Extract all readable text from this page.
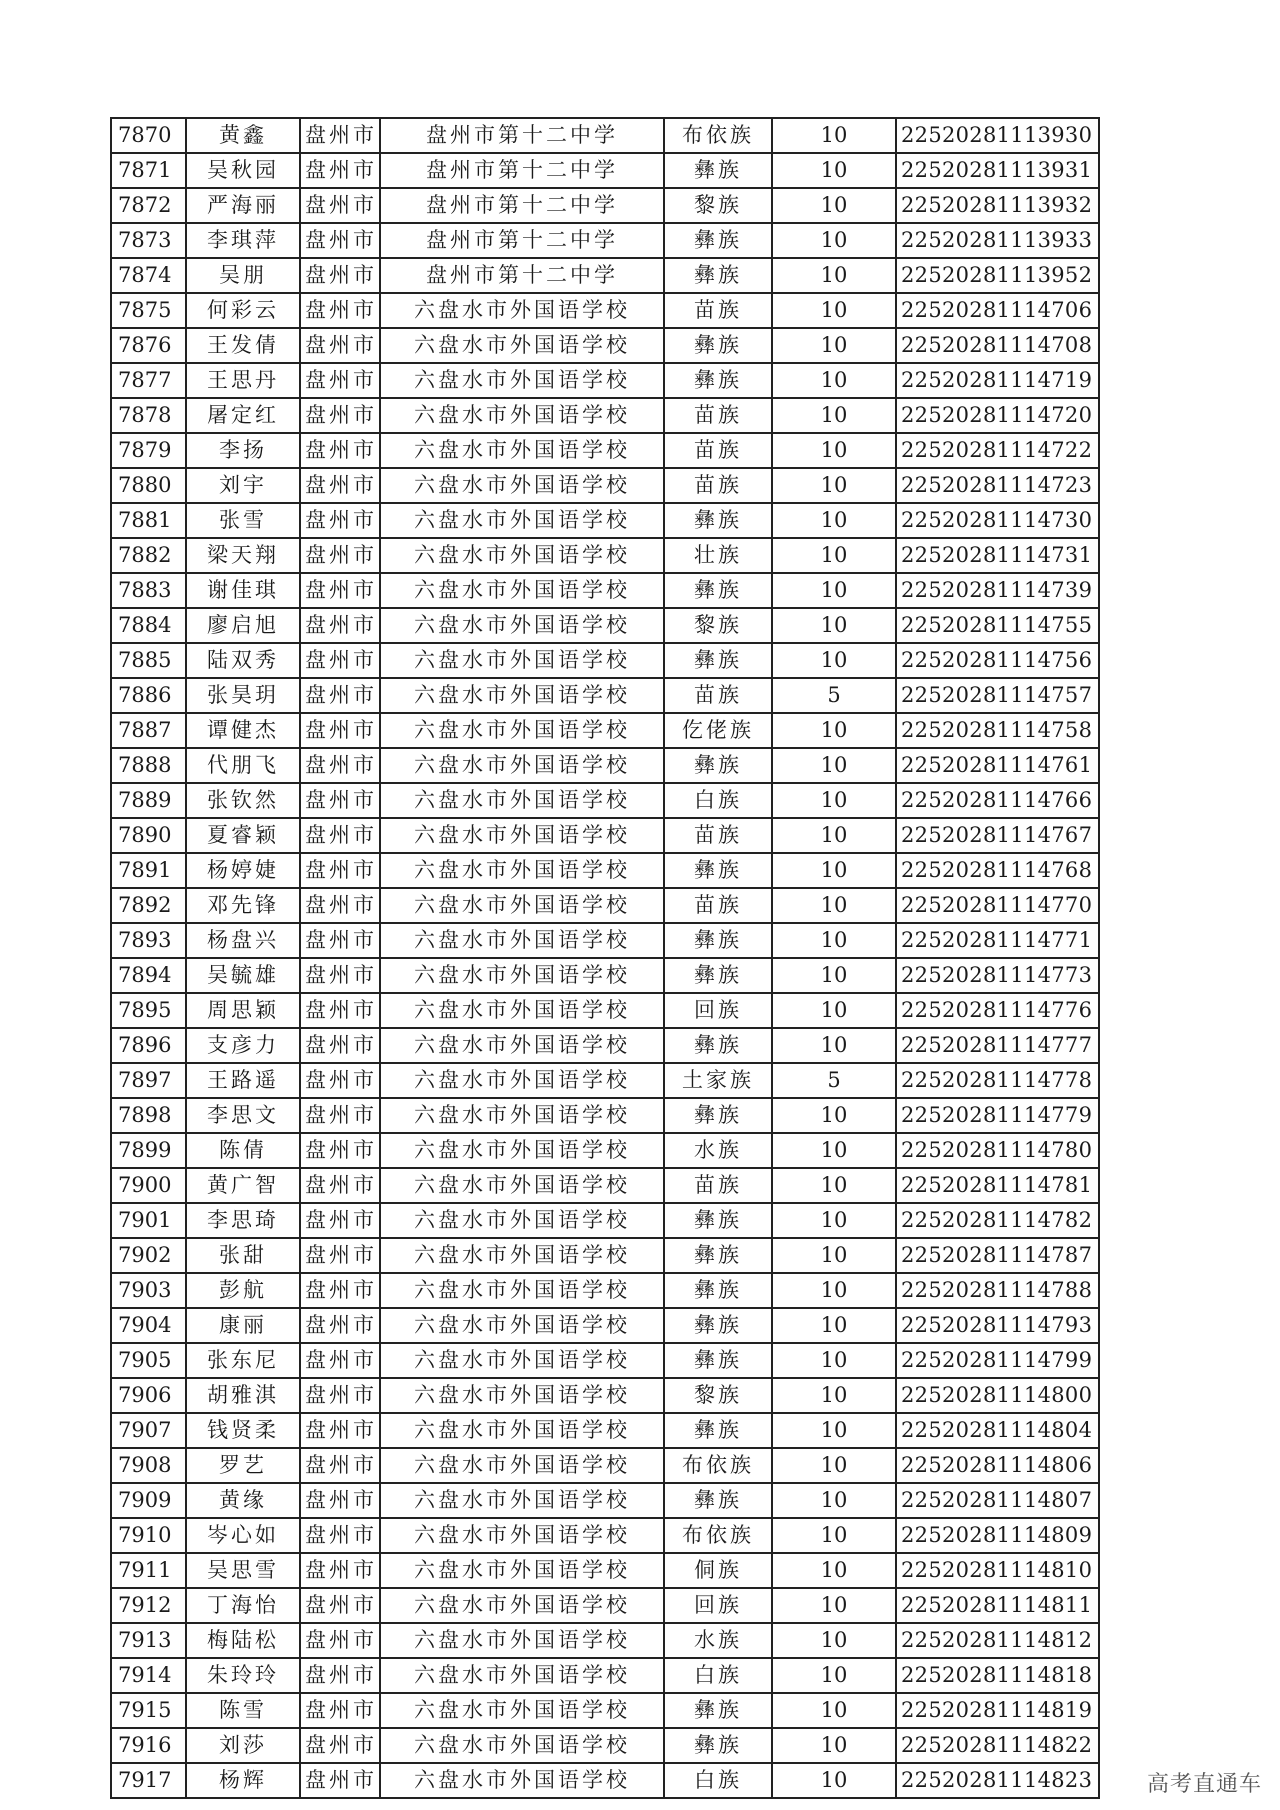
7870	黄鑫	盘州市	盘州市第十二中学	布依族	10	22520281113930
7871	吴秋园	盘州市	盘州市第十二中学	彝族	10	22520281113931
7872	严海丽	盘州市	盘州市第十二中学	黎族	10	22520281113932
7873	李琪萍	盘州市	盘州市第十二中学	彝族	10	22520281113933
7874	吴朋	盘州市	盘州市第十二中学	彝族	10	22520281113952
7875	何彩云	盘州市	六盘水市外国语学校	苗族	10	22520281114706
7876	王发倩	盘州市	六盘水市外国语学校	彝族	10	22520281114708
7877	王思丹	盘州市	六盘水市外国语学校	彝族	10	22520281114719
7878	屠定红	盘州市	六盘水市外国语学校	苗族	10	22520281114720
7879	李扬	盘州市	六盘水市外国语学校	苗族	10	22520281114722
7880	刘宇	盘州市	六盘水市外国语学校	苗族	10	22520281114723
7881	张雪	盘州市	六盘水市外国语学校	彝族	10	22520281114730
7882	梁天翔	盘州市	六盘水市外国语学校	壮族	10	22520281114731
7883	谢佳琪	盘州市	六盘水市外国语学校	彝族	10	22520281114739
7884	廖启旭	盘州市	六盘水市外国语学校	黎族	10	22520281114755
7885	陆双秀	盘州市	六盘水市外国语学校	彝族	10	22520281114756
7886	张昊玥	盘州市	六盘水市外国语学校	苗族	5	22520281114757
7887	谭健杰	盘州市	六盘水市外国语学校	仡佬族	10	22520281114758
7888	代朋飞	盘州市	六盘水市外国语学校	彝族	10	22520281114761
7889	张钦然	盘州市	六盘水市外国语学校	白族	10	22520281114766
7890	夏睿颖	盘州市	六盘水市外国语学校	苗族	10	22520281114767
7891	杨婷婕	盘州市	六盘水市外国语学校	彝族	10	22520281114768
7892	邓先锋	盘州市	六盘水市外国语学校	苗族	10	22520281114770
7893	杨盘兴	盘州市	六盘水市外国语学校	彝族	10	22520281114771
7894	吴毓雄	盘州市	六盘水市外国语学校	彝族	10	22520281114773
7895	周思颖	盘州市	六盘水市外国语学校	回族	10	22520281114776
7896	支彦力	盘州市	六盘水市外国语学校	彝族	10	22520281114777
7897	王路遥	盘州市	六盘水市外国语学校	土家族	5	22520281114778
7898	李思文	盘州市	六盘水市外国语学校	彝族	10	22520281114779
7899	陈倩	盘州市	六盘水市外国语学校	水族	10	22520281114780
7900	黄广智	盘州市	六盘水市外国语学校	苗族	10	22520281114781
7901	李思琦	盘州市	六盘水市外国语学校	彝族	10	22520281114782
7902	张甜	盘州市	六盘水市外国语学校	彝族	10	22520281114787
7903	彭航	盘州市	六盘水市外国语学校	彝族	10	22520281114788
7904	康丽	盘州市	六盘水市外国语学校	彝族	10	22520281114793
7905	张东尼	盘州市	六盘水市外国语学校	彝族	10	22520281114799
7906	胡雅淇	盘州市	六盘水市外国语学校	黎族	10	22520281114800
7907	钱贤柔	盘州市	六盘水市外国语学校	彝族	10	22520281114804
7908	罗艺	盘州市	六盘水市外国语学校	布依族	10	22520281114806
7909	黄缘	盘州市	六盘水市外国语学校	彝族	10	22520281114807
7910	岑心如	盘州市	六盘水市外国语学校	布依族	10	22520281114809
7911	吴思雪	盘州市	六盘水市外国语学校	侗族	10	22520281114810
7912	丁海怡	盘州市	六盘水市外国语学校	回族	10	22520281114811
7913	梅陆松	盘州市	六盘水市外国语学校	水族	10	22520281114812
7914	朱玲玲	盘州市	六盘水市外国语学校	白族	10	22520281114818
7915	陈雪	盘州市	六盘水市外国语学校	彝族	10	22520281114819
7916	刘莎	盘州市	六盘水市外国语学校	彝族	10	22520281114822
7917	杨辉	盘州市	六盘水市外国语学校	白族	10	22520281114823 高考直通车
